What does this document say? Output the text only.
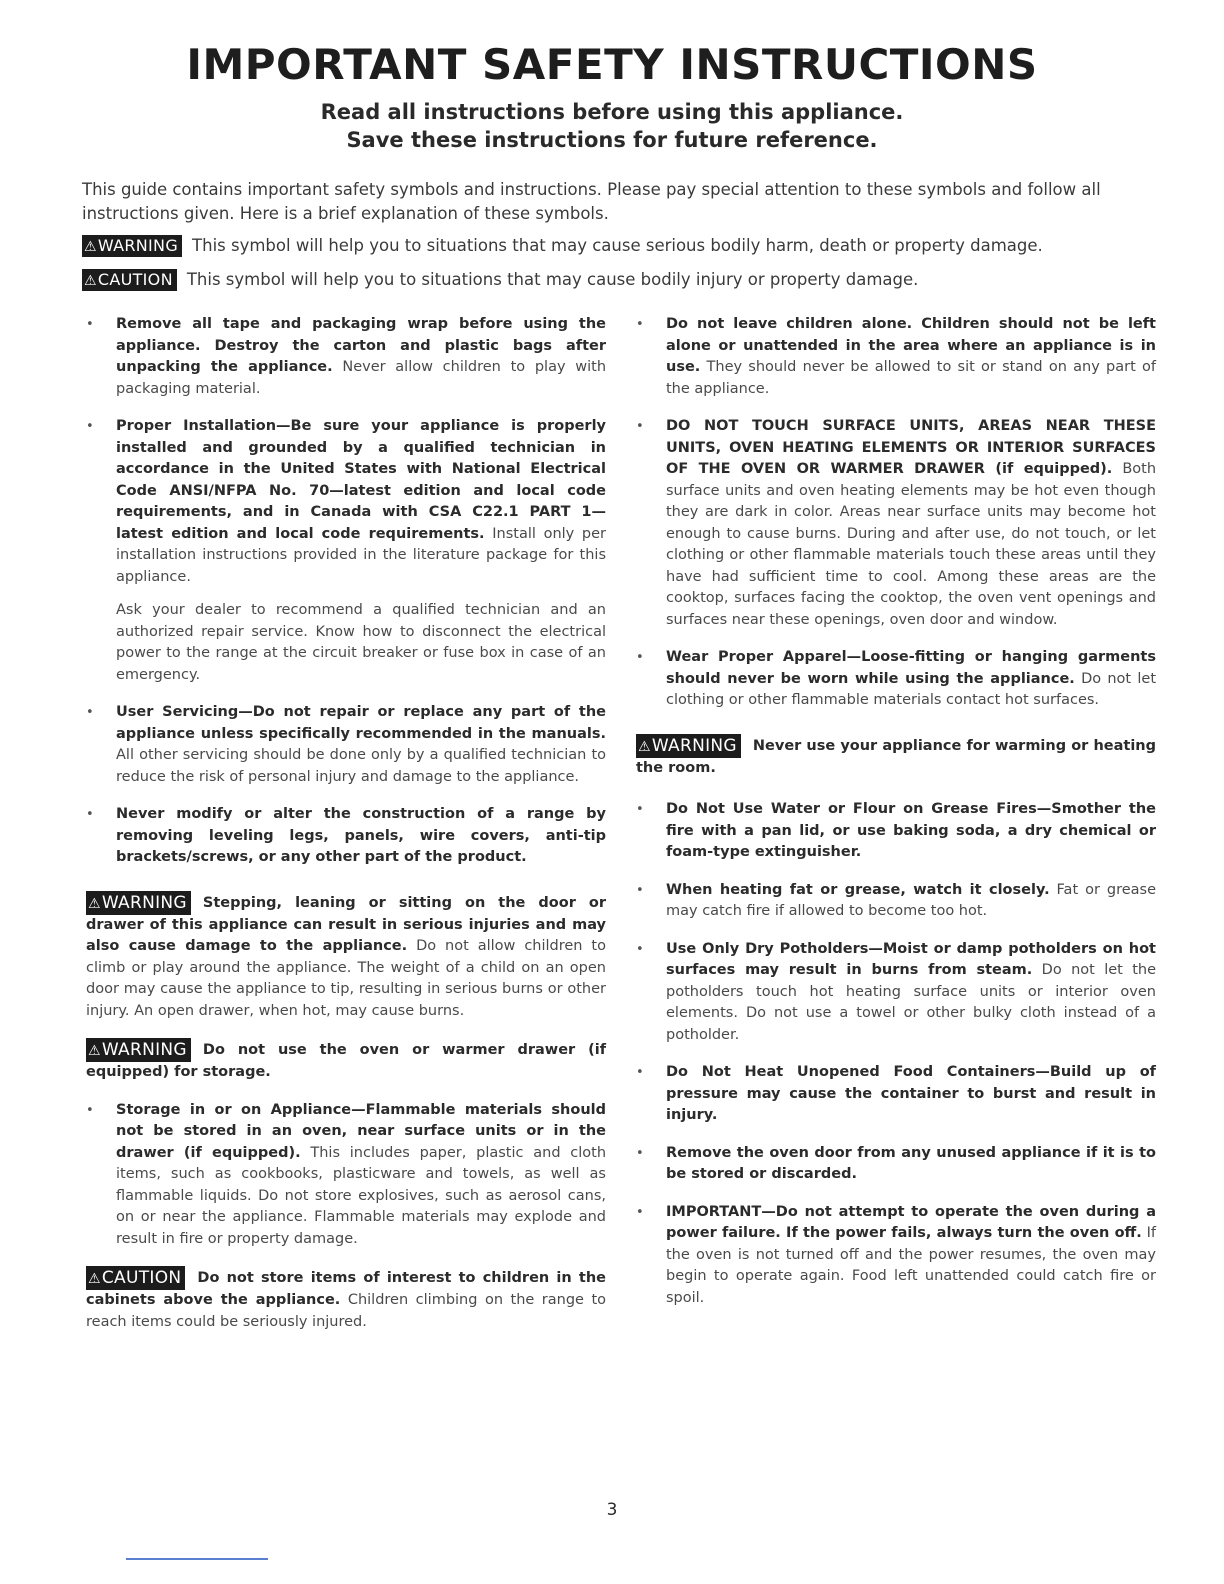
IMPORTANT SAFETY INSTRUCTIONS

Read all instructions before using this appliance.

Save these instructions for future reference.

This guide contains important safety symbols and instructions. Please pay special attention to these symbols and follow all instructions given. Here is a brief explanation of these symbols.

⚠WARNING This symbol will help you to situations that may cause serious bodily harm, death or property damage.
⚠CAUTION This symbol will help you to situations that may cause bodily injury or property damage.

• Remove all tape and packaging wrap before using the appliance. Destroy the carton and plastic bags after unpacking the appliance. Never allow children to play with packaging material.

• Proper Installation—Be sure your appliance is properly installed and grounded by a qualified technician in accordance in the United States with National Electrical Code ANSI/NFPA No. 70—latest edition and local code requirements, and in Canada with CSA C22.1 PART 1—latest edition and local code requirements. Install only per installation instructions provided in the literature package for this appliance.

Ask your dealer to recommend a qualified technician and an authorized repair service. Know how to disconnect the electrical power to the range at the circuit breaker or fuse box in case of an emergency.

• User Servicing—Do not repair or replace any part of the appliance unless specifically recommended in the manuals. All other servicing should be done only by a qualified technician to reduce the risk of personal injury and damage to the appliance.

• Never modify or alter the construction of a range by removing leveling legs, panels, wire covers, anti-tip brackets/screws, or any other part of the product.

⚠WARNING Stepping, leaning or sitting on the door or drawer of this appliance can result in serious injuries and may also cause damage to the appliance. Do not allow children to climb or play around the appliance. The weight of a child on an open door may cause the appliance to tip, resulting in serious burns or other injury. An open drawer, when hot, may cause burns.

⚠WARNING Do not use the oven or warmer drawer (if equipped) for storage.

• Storage in or on Appliance—Flammable materials should not be stored in an oven, near surface units or in the drawer (if equipped). This includes paper, plastic and cloth items, such as cookbooks, plasticware and towels, as well as flammable liquids. Do not store explosives, such as aerosol cans, on or near the appliance. Flammable materials may explode and result in fire or property damage.

⚠CAUTION Do not store items of interest to children in the cabinets above the appliance. Children climbing on the range to reach items could be seriously injured.

• Do not leave children alone. Children should not be left alone or unattended in the area where an appliance is in use. They should never be allowed to sit or stand on any part of the appliance.

• DO NOT TOUCH SURFACE UNITS, AREAS NEAR THESE UNITS, OVEN HEATING ELEMENTS OR INTERIOR SURFACES OF THE OVEN OR WARMER DRAWER (if equipped). Both surface units and oven heating elements may be hot even though they are dark in color. Areas near surface units may become hot enough to cause burns. During and after use, do not touch, or let clothing or other flammable materials touch these areas until they have had sufficient time to cool. Among these areas are the cooktop, surfaces facing the cooktop, the oven vent openings and surfaces near these openings, oven door and window.

• Wear Proper Apparel—Loose-fitting or hanging garments should never be worn while using the appliance. Do not let clothing or other flammable materials contact hot surfaces.

⚠WARNING Never use your appliance for warming or heating the room.

• Do Not Use Water or Flour on Grease Fires—Smother the fire with a pan lid, or use baking soda, a dry chemical or foam-type extinguisher.

• When heating fat or grease, watch it closely. Fat or grease may catch fire if allowed to become too hot.

• Use Only Dry Potholders—Moist or damp potholders on hot surfaces may result in burns from steam. Do not let the potholders touch hot heating surface units or interior oven elements. Do not use a towel or other bulky cloth instead of a potholder.

• Do Not Heat Unopened Food Containers—Build up of pressure may cause the container to burst and result in injury.

• Remove the oven door from any unused appliance if it is to be stored or discarded.

• IMPORTANT—Do not attempt to operate the oven during a power failure. If the power fails, always turn the oven off. If the oven is not turned off and the power resumes, the oven may begin to operate again. Food left unattended could catch fire or spoil.

3
